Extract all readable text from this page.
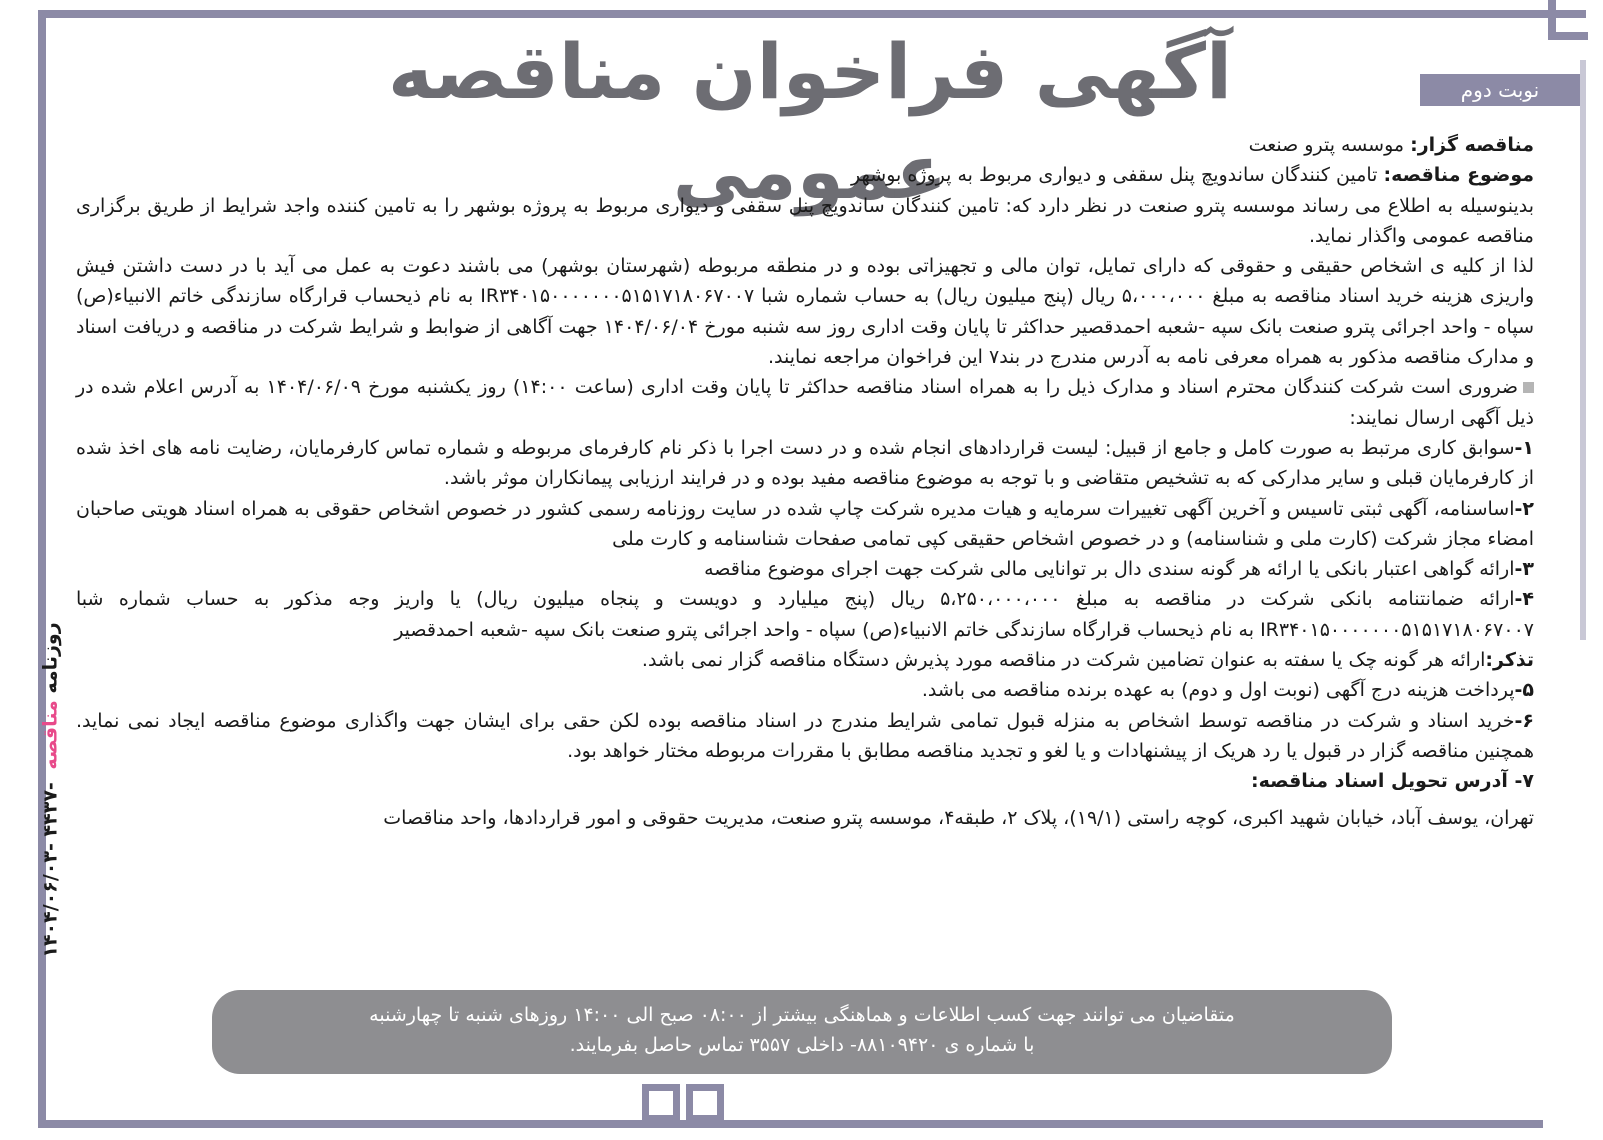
آگهی فراخوان مناقصه عمومی
نوبت دوم
روزنامه مناقصه -۴۴۳۷ -۱۴۰۴/۰۶/۰۳

مناقصه گزار: موسسه پترو صنعت

موضوع مناقصه: تامین کنندگان ساندویچ پنل سقفی و دیواری مربوط به پروژه بوشهر

بدینوسیله به اطلاع می رساند موسسه پترو صنعت در نظر دارد که: تامین کنندگان ساندویچ پنل سقفی و دیواری مربوط به پروژه بوشهر را به تامین کننده واجد شرایط از طریق برگزاری مناقصه عمومی واگذار نماید.

لذا از کلیه ی اشخاص حقیقی و حقوقی که دارای تمایل، توان مالی و تجهیزاتی بوده و در منطقه مربوطه (شهرستان بوشهر) می باشند دعوت به عمل می آید با در دست داشتن فیش واریزی هزینه خرید اسناد مناقصه به مبلغ ۵،۰۰۰،۰۰۰ ریال (پنج میلیون ریال) به حساب شماره شبا IR۳۴۰۱۵۰۰۰۰۰۰۰۵۱۵۱۷۱۸۰۶۷۰۰۷ به نام ذیحساب قرارگاه سازندگی خاتم الانبیاء(ص) سپاه - واحد اجرائی پترو صنعت بانک سپه -شعبه احمدقصیر حداکثر تا پایان وقت اداری روز سه شنبه مورخ ۱۴۰۴/۰۶/۰۴ جهت آگاهی از ضوابط و شرایط شرکت در مناقصه و دریافت اسناد و مدارک مناقصه مذکور به همراه معرفی نامه به آدرس مندرج در بند۷ این فراخوان مراجعه نمایند.

ضروری است شرکت کنندگان محترم اسناد و مدارک ذیل را به همراه اسناد مناقصه حداکثر تا پایان وقت اداری (ساعت ۱۴:۰۰) روز یکشنبه مورخ ۱۴۰۴/۰۶/۰۹ به آدرس اعلام شده در ذیل آگهی ارسال نمایند:

۱-سوابق کاری مرتبط به صورت کامل و جامع از قبیل: لیست قراردادهای انجام شده و در دست اجرا با ذکر نام کارفرمای مربوطه و شماره تماس کارفرمایان، رضایت نامه های اخذ شده از کارفرمایان قبلی و سایر مدارکی که به تشخیص متقاضی و با توجه به موضوع مناقصه مفید بوده و در فرایند ارزیابی پیمانکاران موثر باشد.

۲-اساسنامه، آگهی ثبتی تاسیس و آخرین آگهی تغییرات سرمایه و هیات مدیره شرکت چاپ شده در سایت روزنامه رسمی کشور در خصوص اشخاص حقوقی به همراه اسناد هویتی صاحبان امضاء مجاز شرکت (کارت ملی و شناسنامه) و در خصوص اشخاص حقیقی کپی تمامی صفحات شناسنامه و کارت ملی

۳-ارائه گواهی اعتبار بانکی یا ارائه هر گونه سندی دال بر توانایی مالی شرکت جهت اجرای موضوع مناقصه

۴-ارائه ضمانتنامه بانکی شرکت در مناقصه به مبلغ ۵،۲۵۰،۰۰۰،۰۰۰ ریال (پنج میلیارد و دویست و پنجاه میلیون ریال) یا واریز وجه مذکور به حساب شماره شبا IR۳۴۰۱۵۰۰۰۰۰۰۰۵۱۵۱۷۱۸۰۶۷۰۰۷ به نام ذیحساب قرارگاه سازندگی خاتم الانبیاء(ص) سپاه - واحد اجرائی پترو صنعت بانک سپه -شعبه احمدقصیر

تذکر:ارائه هر گونه چک یا سفته به عنوان تضامین شرکت در مناقصه مورد پذیرش دستگاه مناقصه گزار نمی باشد.

۵-پرداخت هزینه درج آگهی (نوبت اول و دوم) به عهده برنده مناقصه می باشد.

۶-خرید اسناد و شرکت در مناقصه توسط اشخاص به منزله قبول تمامی شرایط مندرج در اسناد مناقصه بوده لکن حقی برای ایشان جهت واگذاری موضوع مناقصه ایجاد نمی نماید. همچنین مناقصه گزار در قبول یا رد هریک از پیشنهادات و یا لغو و تجدید مناقصه مطابق با مقررات مربوطه مختار خواهد بود.

۷- آدرس تحویل اسناد مناقصه:

تهران، یوسف آباد، خیابان شهید اکبری، کوچه راستی (۱۹/۱)، پلاک ۲، طبقه۴، موسسه پترو صنعت، مدیریت حقوقی و امور قراردادها، واحد مناقصات

متقاضیان می توانند جهت کسب اطلاعات و هماهنگی بیشتر از ۰۸:۰۰ صبح الی ۱۴:۰۰ روزهای شنبه تا چهارشنبه

با شماره ی ۸۸۱۰۹۴۲۰- داخلی ۳۵۵۷ تماس حاصل بفرمایند.
